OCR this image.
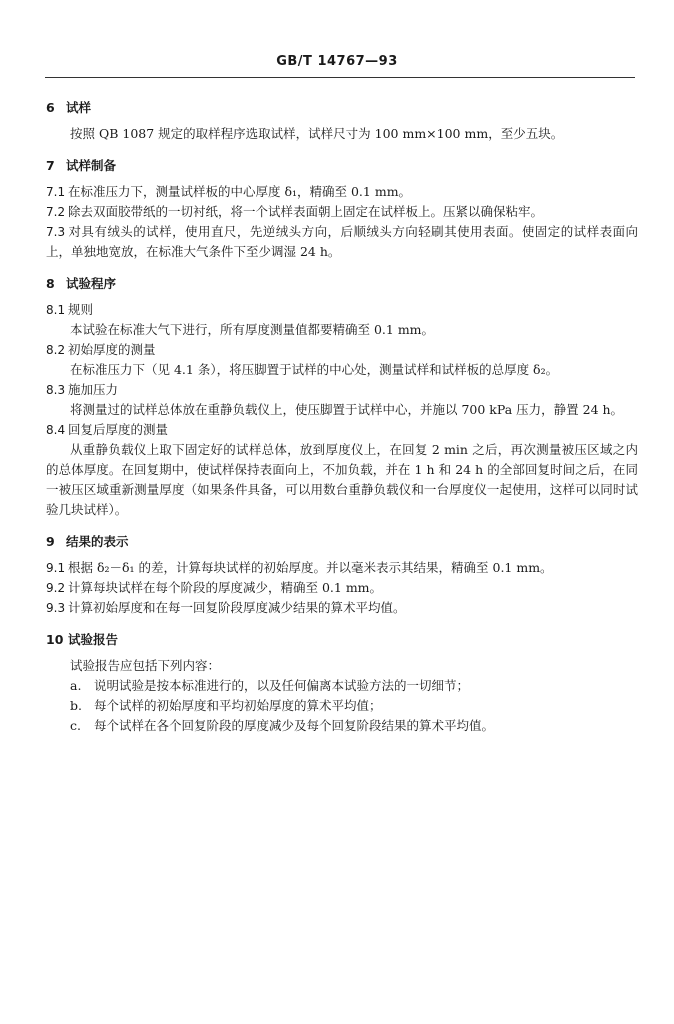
GB/T 14767—93
6 试样
按照 QB 1087 规定的取样程序选取试样，试样尺寸为 100 mm×100 mm，至少五块。
7 试样制备
7.1 在标准压力下，测量试样板的中心厚度 δ₁，精确至 0.1 mm。
7.2 除去双面胶带纸的一切衬纸，将一个试样表面朝上固定在试样板上。压紧以确保粘牢。
7.3 对具有绒头的试样，使用直尺，先逆绒头方向，后顺绒头方向轻刷其使用表面。使固定的试样表面向上，单独地宽放，在标准大气条件下至少调湿 24 h。
8 试验程序
8.1 规则
本试验在标准大气下进行，所有厚度测量值都要精确至 0.1 mm。
8.2 初始厚度的测量
在标准压力下（见 4.1 条），将压脚置于试样的中心处，测量试样和试样板的总厚度 δ₂。
8.3 施加压力
将测量过的试样总体放在重静负载仪上，使压脚置于试样中心，并施以 700 kPa 压力，静置 24 h。
8.4 回复后厚度的测量
从重静负载仪上取下固定好的试样总体，放到厚度仪上，在回复 2 min 之后，再次测量被压区域之内的总体厚度。在回复期中，使试样保持表面向上，不加负载，并在 1 h 和 24 h 的全部回复时间之后，在同一被压区域重新测量厚度（如果条件具备，可以用数台重静负载仪和一台厚度仪一起使用，这样可以同时试验几块试样）。
9 结果的表示
9.1 根据 δ₂－δ₁ 的差，计算每块试样的初始厚度。并以毫米表示其结果，精确至 0.1 mm。
9.2 计算每块试样在每个阶段的厚度减少，精确至 0.1 mm。
9.3 计算初始厚度和在每一回复阶段厚度减少结果的算术平均值。
10 试验报告
试验报告应包括下列内容：
a. 说明试验是按本标准进行的，以及任何偏离本试验方法的一切细节；
b. 每个试样的初始厚度和平均初始厚度的算术平均值；
c. 每个试样在各个回复阶段的厚度减少及每个回复阶段结果的算术平均值。
